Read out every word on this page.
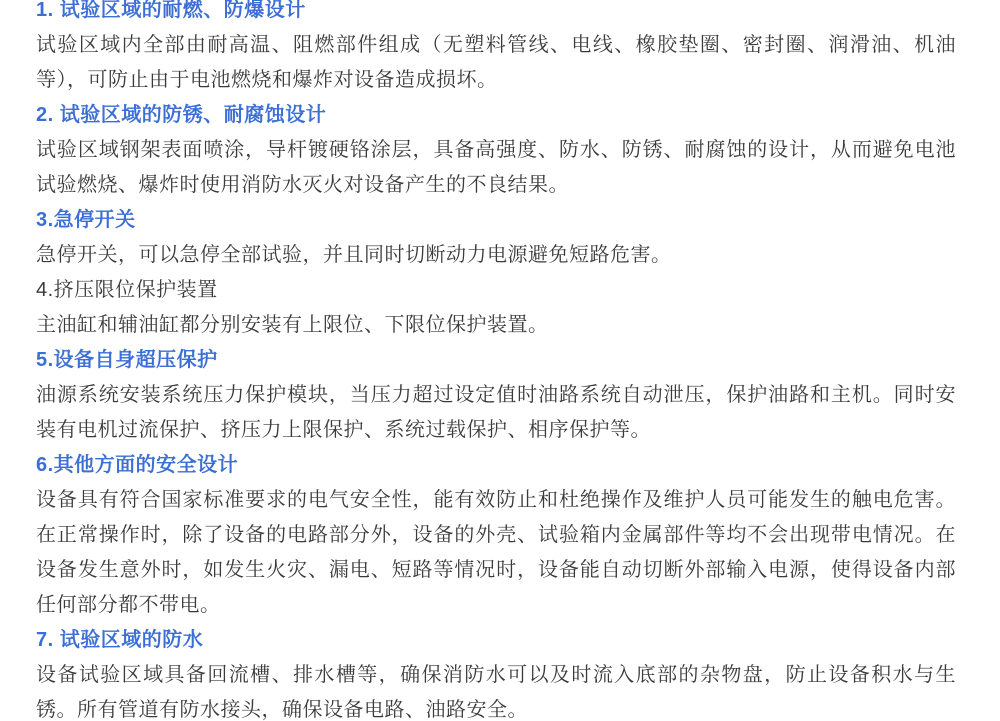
1. 试验区域的耐燃、防爆设计

试验区域内全部由耐高温、阻燃部件组成（无塑料管线、电线、橡胶垫圈、密封圈、润滑油、机油等），可防止由于电池燃烧和爆炸对设备造成损坏。

2. 试验区域的防锈、耐腐蚀设计

试验区域钢架表面喷涂，导杆镀硬铬涂层，具备高强度、防水、防锈、耐腐蚀的设计，从而避免电池试验燃烧、爆炸时使用消防水灭火对设备产生的不良结果。

3.急停开关

急停开关，可以急停全部试验，并且同时切断动力电源避免短路危害。

4.挤压限位保护装置

主油缸和辅油缸都分别安装有上限位、下限位保护装置。

5.设备自身超压保护

油源系统安装系统压力保护模块，当压力超过设定值时油路系统自动泄压，保护油路和主机。同时安装有电机过流保护、挤压力上限保护、系统过载保护、相序保护等。

6.其他方面的安全设计

设备具有符合国家标准要求的电气安全性，能有效防止和杜绝操作及维护人员可能发生的触电危害。在正常操作时，除了设备的电路部分外，设备的外壳、试验箱内金属部件等均不会出现带电情况。在设备发生意外时，如发生火灾、漏电、短路等情况时，设备能自动切断外部输入电源，使得设备内部任何部分都不带电。

7. 试验区域的防水

设备试验区域具备回流槽、排水槽等，确保消防水可以及时流入底部的杂物盘，防止设备积水与生锈。所有管道有防水接头，确保设备电路、油路安全。
